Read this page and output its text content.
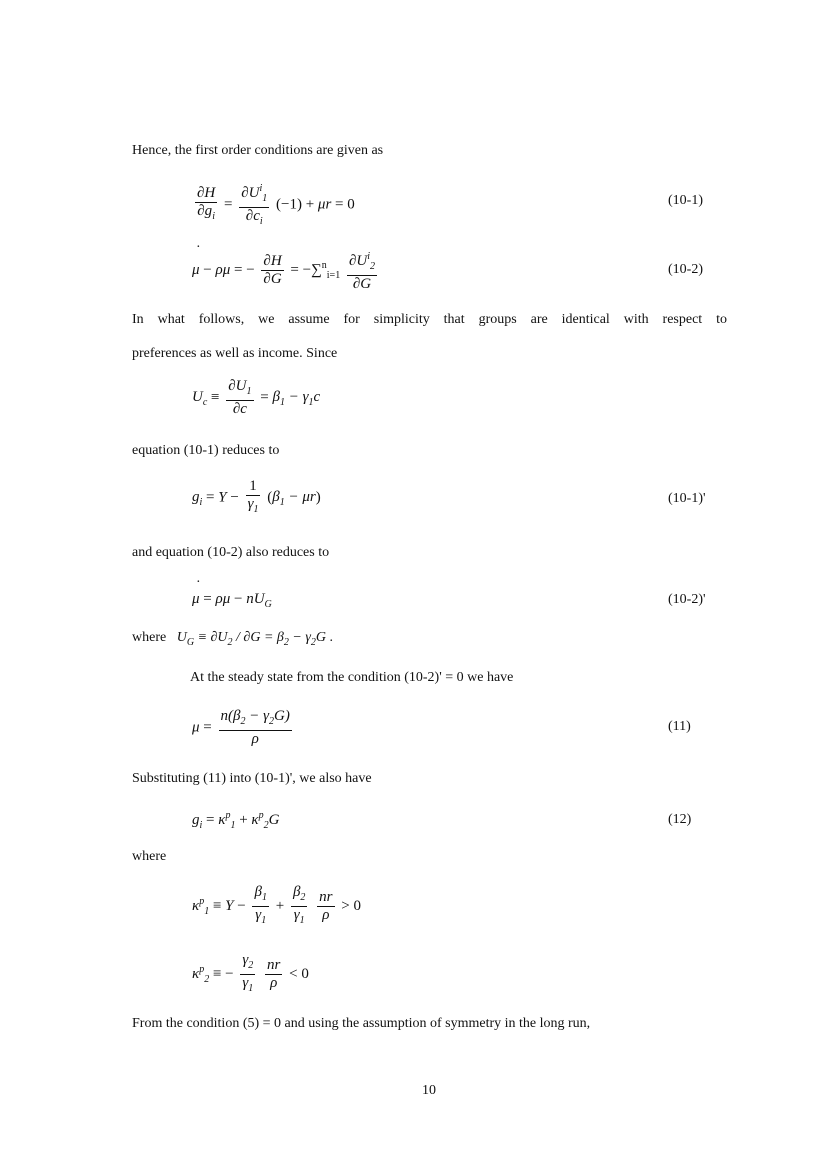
Hence, the first order conditions are given as
$\frac{\partial H}{\partial g_i} = \frac{\partial U^i_1}{\partial c_i} (-1) + \mu r = 0$	(10-1)
·
μ − ρμ = − $\frac{\partial H}{\partial G} = -\sum^n_{i=1} \frac{\partial U^i_2}{\partial G}$	(10-2)
In what follows, we assume for simplicity that groups are identical with respect to
preferences as well as income. Since
$U_c \equiv \frac{\partial U_1}{\partial c} = \beta_1 - \gamma_1c$
equation (10-1) reduces to
$g_i = Y - \frac{1}{\gamma_1} (\beta_1 - \mu r)$	(10-1)'
and equation (10-2) also reduces to
·
$\mu = \rho\mu - nU_G$	(10-2)'
where   $U_G \equiv \partial U_2 / \partial G = \beta_2 - \gamma_2G$ .
At the steady state from the condition (10-2)' = 0 we have
$\mu = \frac{n(\beta_2 - \gamma_2G)}{\rho}$	(11)
Substituting (11) into (10-1)', we also have
$g_i = \kappa^p_1 + \kappa^p_2G$	(12)
where
$\kappa^p_1 \equiv Y - \frac{\beta_1}{\gamma_1} + \frac{\beta_2}{\gamma_1}$
$\frac{nr}{\rho} > 0$
$\kappa^p_2$ ≡ − $\frac{\gamma_2}{\gamma_1}$
$\frac{nr}{\rho} < 0$
From the condition (5) = 0 and using the assumption of symmetry in the long run,
10
